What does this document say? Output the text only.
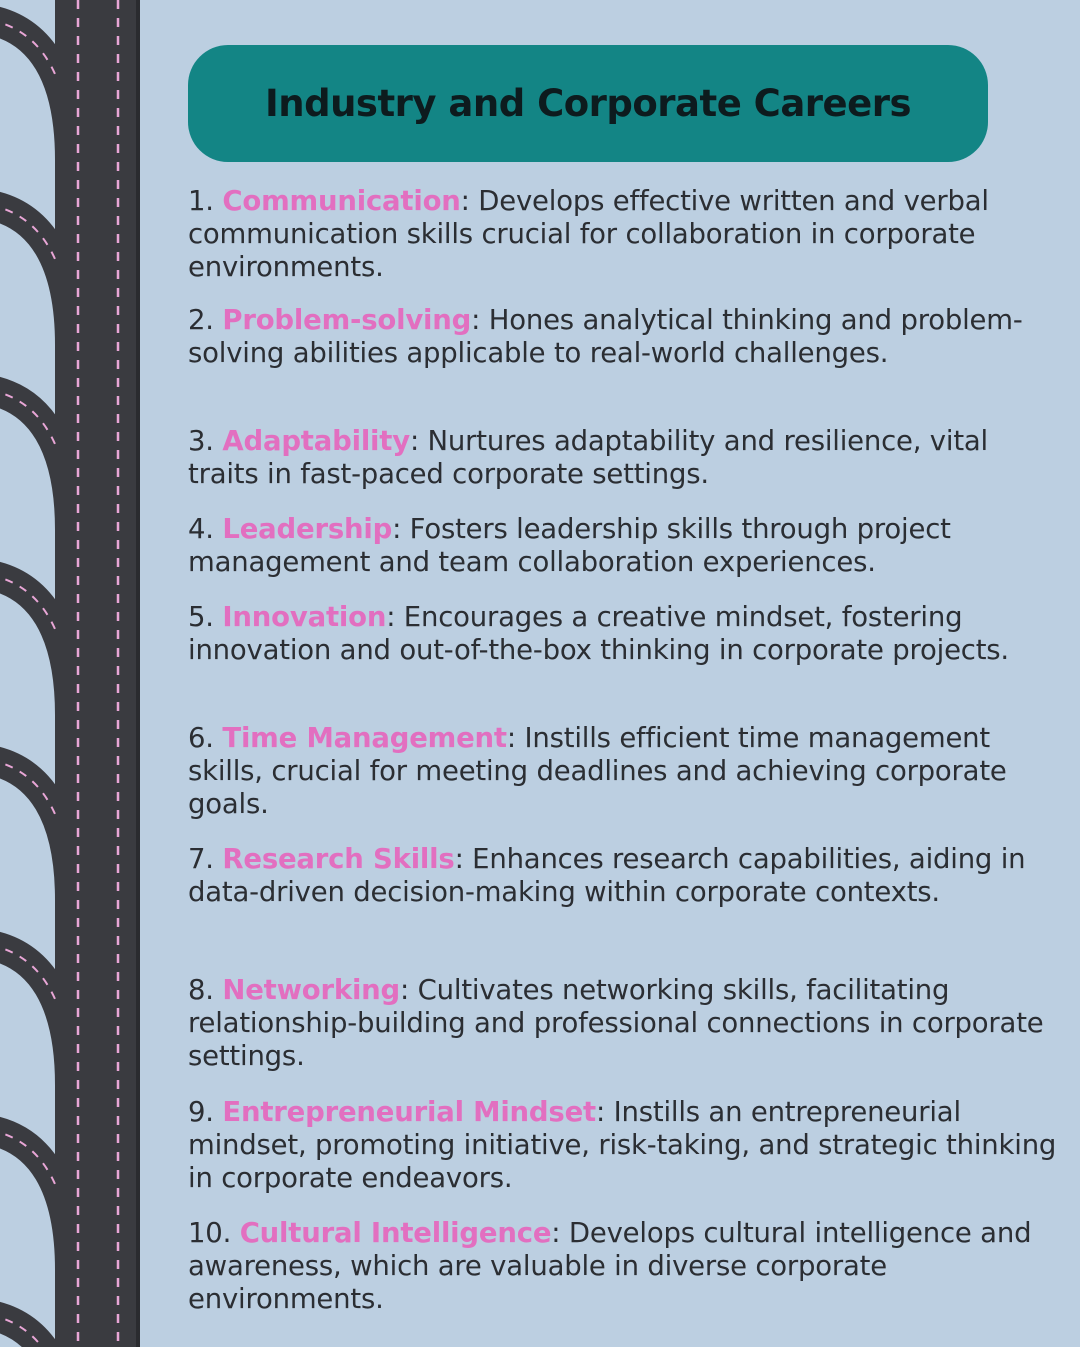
Industry and Corporate Careers

1. Communication: Develops effective written and verbal communication skills crucial for collaboration in corporate environments.

2. Problem-solving: Hones analytical thinking and problem-solving abilities applicable to real-world challenges.

3. Adaptability: Nurtures adaptability and resilience, vital traits in fast-paced corporate settings.

4. Leadership: Fosters leadership skills through project management and team collaboration experiences.

5. Innovation: Encourages a creative mindset, fostering innovation and out-of-the-box thinking in corporate projects.

6. Time Management: Instills efficient time management skills, crucial for meeting deadlines and achieving corporate goals.

7. Research Skills: Enhances research capabilities, aiding in data-driven decision-making within corporate contexts.

8. Networking: Cultivates networking skills, facilitating relationship-building and professional connections in corporate settings.

9. Entrepreneurial Mindset: Instills an entrepreneurial mindset, promoting initiative, risk-taking, and strategic thinking in corporate endeavors.

10. Cultural Intelligence: Develops cultural intelligence and awareness, which are valuable in diverse corporate environments.
